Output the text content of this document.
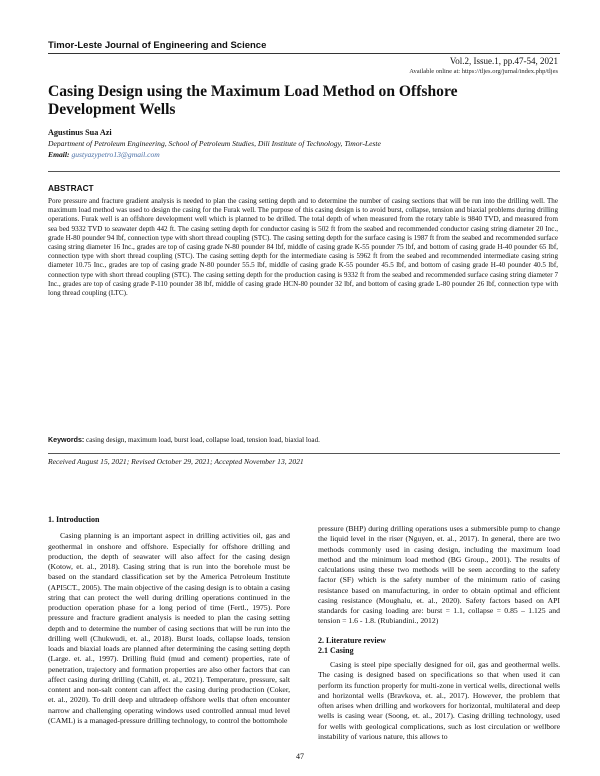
Timor-Leste Journal of Engineering and Science
Vol.2, Issue.1, pp.47-54, 2021
Available online at: https://tljes.org/jurnal/index.php/tljes
Casing Design using the Maximum Load Method on Offshore Development Wells
Agustinus Sua Azi
Department of Petroleum Engineering, School of Petroleum Studies, Dili Institute of Technology, Timor-Leste
Email: gustyazypetro13@gmail.com
ABSTRACT
Pore pressure and fracture gradient analysis is needed to plan the casing setting depth and to determine the number of casing sections that will be run into the drilling well. The maximum load method was used to design the casing for the Furak well. The purpose of this casing design is to avoid burst, collapse, tension and biaxial problems during drilling operations. Furak well is an offshore development well which is planned to be drilled. The total depth of when measured from the rotary table is 9840 TVD, and measured from sea bed 9332 TVD to seawater depth 442 ft. The casing setting depth for conductor casing is 502 ft from the seabed and recommended conductor casing string diameter 20 Inc., grade H-80 pounder 94 lbf, connection type with short thread coupling (STC). The casing setting depth for the surface casing is 1987 ft from the seabed and recommended surface casing string diameter 16 Inc., grades are top of casing grade N-80 pounder 84 lbf, middle of casing grade K-55 pounder 75 lbf, and bottom of casing grade H-40 pounder 65 lbf, connection type with short thread coupling (STC). The casing setting depth for the intermediate casing is 5962 ft from the seabed and recommended intermediate casing string diameter 10.75 Inc., grades are top of casing grade N-80 pounder 55.5 lbf, middle of casing grade K-55 pounder 45.5 lbf, and bottom of casing grade H-40 pounder 40.5 lbf, connection type with short thread coupling (STC). The casing setting depth for the production casing is 9332 ft from the seabed and recommended surface casing string diameter 7 Inc., grades are top of casing grade P-110 pounder 38 lbf, middle of casing grade HCN-80 pounder 32 lbf, and bottom of casing grade L-80 pounder 26 lbf, connection type with long thread coupling (LTC).
Keywords: casing design, maximum load, burst load, collapse load, tension load, biaxial load.
Received August 15, 2021; Revised October 29, 2021; Accepted November 13, 2021
1. Introduction

Casing planning is an important aspect in drilling activities oil, gas and geothermal in onshore and offshore. Especially for offshore drilling and production, the depth of seawater will also affect for the casing design (Kotow, et. al., 2018). Casing string that is run into the borehole must be based on the standard classification set by the America Petroleum Institute (API5CT., 2005). The main objective of the casing design is to obtain a casing string that can protect the well during drilling operations continued in the production operation phase for a long period of time (Fertl., 1975). Pore pressure and fracture gradient analysis is needed to plan the casing setting depth and to determine the number of casing sections that will be run into the drilling well (Chukwudi, et. al., 2018). Burst loads, collapse loads, tension loads and biaxial loads are planned after determining the casing setting depth (Large. et. al., 1997). Drilling fluid (mud and cement) properties, rate of penetration, trajectory and formation properties are also other factors that can affect casing during drilling (Cahill, et. al., 2021). Temperature, pressure, salt content and non-salt content can affect the casing during production (Coker, et. al., 2020). To drill deep and ultradeep offshore wells that often encounter narrow and challenging operating windows used controlled annual mud level (CAML) is a managed-pressure drilling technology, to control the bottomhole

pressure (BHP) during drilling operations uses a submersible pump to change the liquid level in the riser (Nguyen, et. al., 2017). In general, there are two methods commonly used in casing design, including the maximum load method and the minimum load method (BG Group., 2001). The results of calculations using these two methods will be seen according to the safety factor (SF) which is the safety number of the minimum ratio of casing resistance based on manufacturing, in order to obtain optimal and efficient casing resistance (Moughalu, et. al., 2020). Safety factors based on API standards for casing loading are: burst = 1.1, collapse = 0.85 – 1.125 and tension = 1.6 - 1.8. (Rubiandini., 2012)

2. Literature review
2.1 Casing

Casing is steel pipe specially designed for oil, gas and geothermal wells. The casing is designed based on specifications so that when used it can perform its function properly for multi-zone in vertical wells, directional wells and horizontal wells (Bravkova, et. al., 2017). However, the problem that often arises when drilling and workovers for horizontal, multilateral and deep wells is casing wear (Soong, et. al., 2017). Casing drilling technology, used for wells with geological complications, such as lost circulation or wellbore instability of various nature, this allows to

47
